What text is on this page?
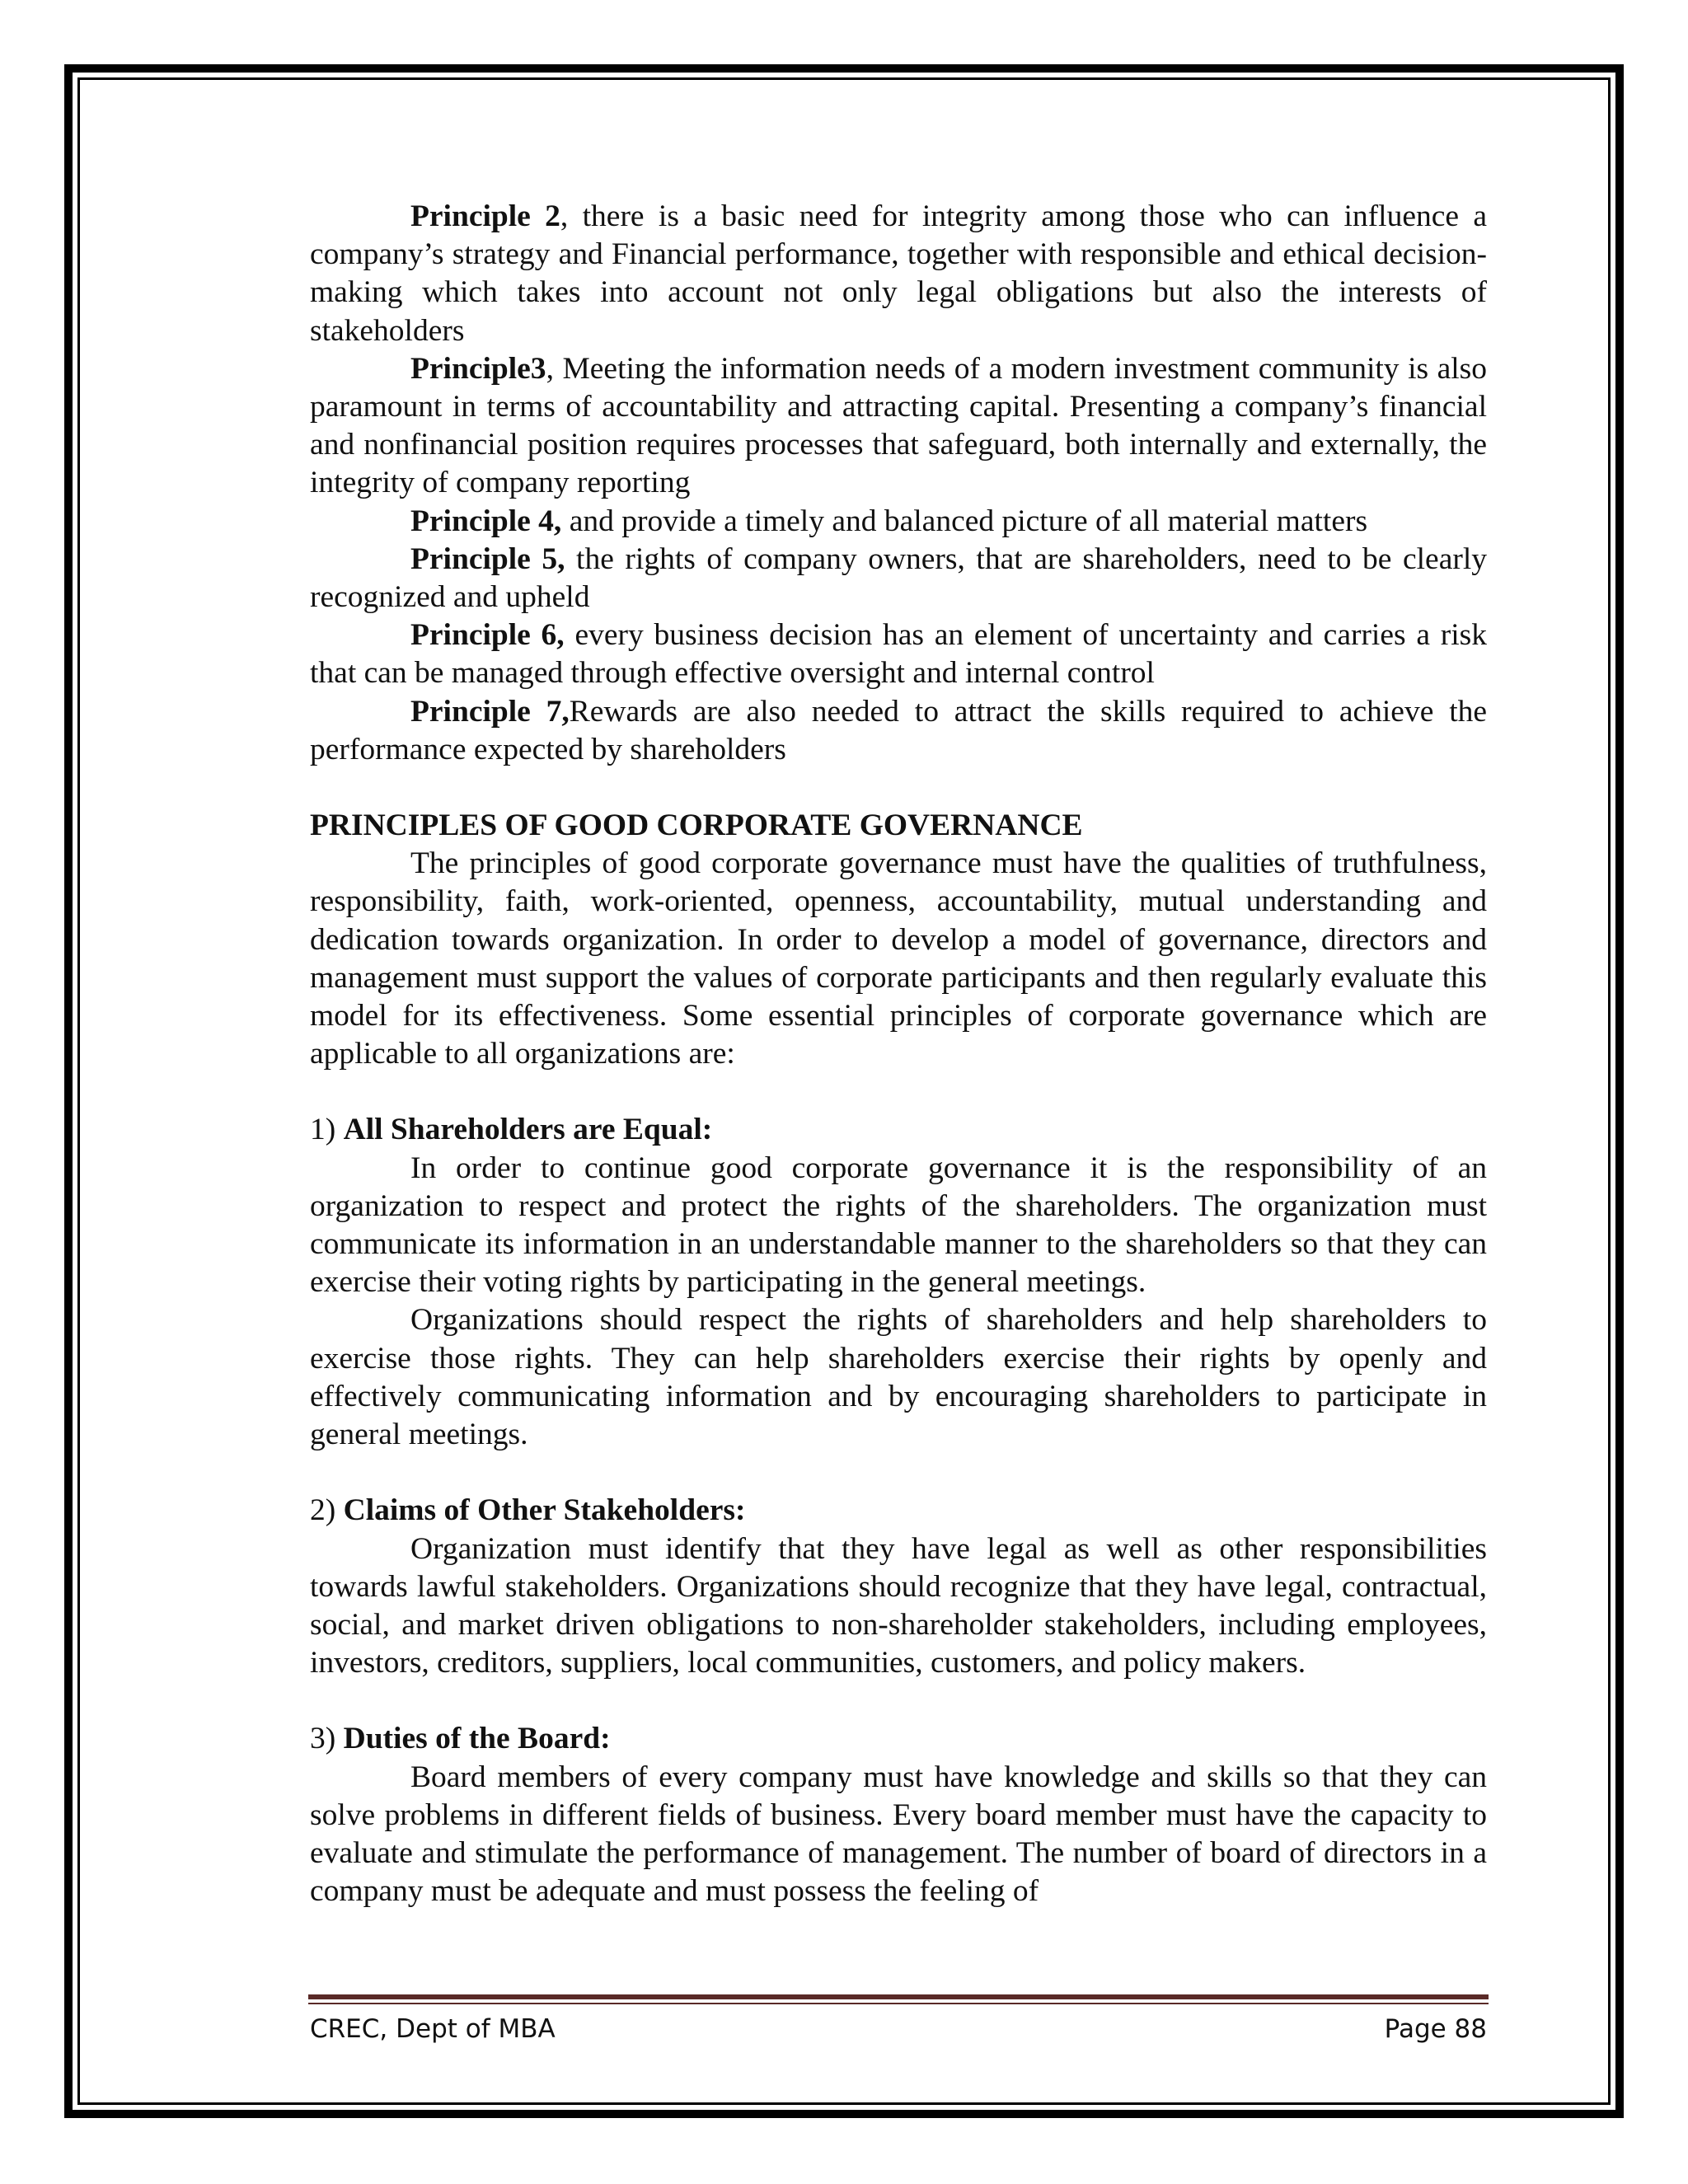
Principle 2, there is a basic need for integrity among those who can influence a company’s strategy and Financial performance, together with responsible and ethical decision-making which takes into account not only legal obligations but also the interests of stakeholders

Principle3, Meeting the information needs of a modern investment community is also paramount in terms of accountability and attracting capital. Presenting a company’s financial and nonfinancial position requires processes that safeguard, both internally and externally, the integrity of company reporting

Principle 4, and provide a timely and balanced picture of all material matters

Principle 5, the rights of company owners, that are shareholders, need to be clearly recognized and upheld

Principle 6, every business decision has an element of uncertainty and carries a risk that can be managed through effective oversight and internal control

Principle 7,Rewards are also needed to attract the skills required to achieve the performance expected by shareholders

PRINCIPLES OF GOOD CORPORATE GOVERNANCE

The principles of good corporate governance must have the qualities of truthfulness, responsibility, faith, work-oriented, openness, accountability, mutual understanding and dedication towards organization. In order to develop a model of governance, directors and management must support the values of corporate participants and then regularly evaluate this model for its effectiveness. Some essential principles of corporate governance which are applicable to all organizations are:

1) All Shareholders are Equal:

In order to continue good corporate governance it is the responsibility of an organization to respect and protect the rights of the shareholders. The organization must communicate its information in an understandable manner to the shareholders so that they can exercise their voting rights by participating in the general meetings.

Organizations should respect the rights of shareholders and help shareholders to exercise those rights. They can help shareholders exercise their rights by openly and effectively communicating information and by encouraging shareholders to participate in general meetings.

2) Claims of Other Stakeholders:

Organization must identify that they have legal as well as other responsibilities towards lawful stakeholders. Organizations should recognize that they have legal, contractual, social, and market driven obligations to non-shareholder stakeholders, including employees, investors, creditors, suppliers, local communities, customers, and policy makers.

3) Duties of the Board:

Board members of every company must have knowledge and skills so that they can solve problems in different fields of business. Every board member must have the capacity to evaluate and stimulate the performance of management. The number of board of directors in a company must be adequate and must possess the feeling of

CREC, Dept of MBA	Page 88
